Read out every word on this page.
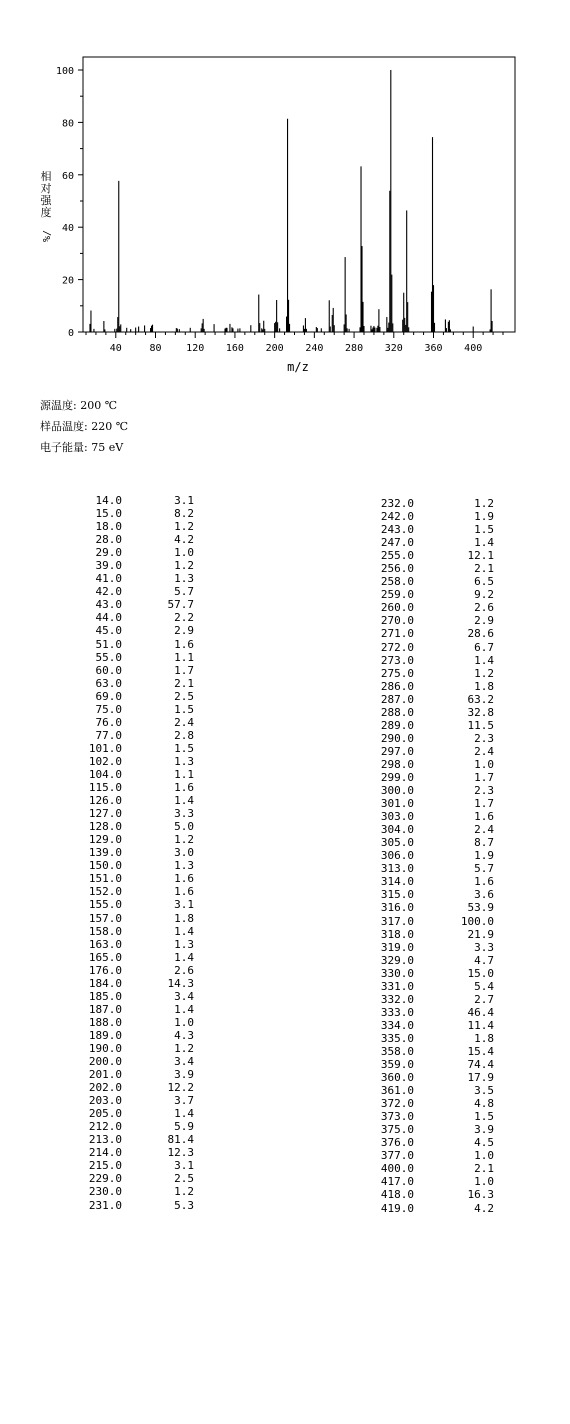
相
对
强
度
%/
m/z
0
20
40
60
80
100
40	80 120 160 200 240 280 320 360 400
源温度: 200 ℃
样品温度: 220 ℃
电子能量: 75 eV
14.0	3.1
15.0	8.2
18.0	1.2
28.0	4.2
29.0	1.0
39.0	1.2
41.0	1.3
42.0	5.7
43.0	57.7
44.0	2.2
45.0	2.9
51.0	1.6
55.0	1.1
60.0	1.7
63.0	2.1
69.0	2.5
75.0	1.5
76.0	2.4
77.0	2.8
101.0	1.5
102.0	1.3
104.0	1.1
115.0	1.6
126.0	1.4
127.0	3.3
128.0	5.0
129.0	1.2
139.0	3.0
150.0	1.3
151.0	1.6
152.0	1.6
155.0	3.1
157.0	1.8
158.0	1.4
163.0	1.3
165.0	1.4
176.0	2.6
184.0	14.3
185.0	3.4
187.0	1.4
188.0	1.0
189.0	4.3
190.0	1.2
200.0	3.4
201.0	3.9
202.0	12.2
203.0	3.7
205.0	1.4
212.0	5.9
213.0	81.4
214.0	12.3
215.0	3.1
229.0	2.5
230.0	1.2
231.0	5.3
232.0	1.2
242.0	1.9
243.0	1.5
247.0	1.4
255.0	12.1
256.0	2.1
258.0	6.5
259.0	9.2
260.0	2.6
270.0	2.9
271.0	28.6
272.0	6.7
273.0	1.4
275.0	1.2
286.0	1.8
287.0	63.2
288.0	32.8
289.0	11.5
290.0	2.3
297.0	2.4
298.0	1.0
299.0	1.7
300.0	2.3
301.0	1.7
303.0	1.6
304.0	2.4
305.0	8.7
306.0	1.9
313.0	5.7
314.0	1.6
315.0	3.6
316.0	53.9
317.0	100.0
318.0	21.9
319.0	3.3
329.0	4.7
330.0	15.0
331.0	5.4
332.0	2.7
333.0	46.4
334.0	11.4
335.0	1.8
358.0	15.4
359.0	74.4
360.0	17.9
361.0	3.5
372.0	4.8
373.0	1.5
375.0	3.9
376.0	4.5
377.0	1.0
400.0	2.1
417.0	1.0
418.0	16.3
419.0	4.2
